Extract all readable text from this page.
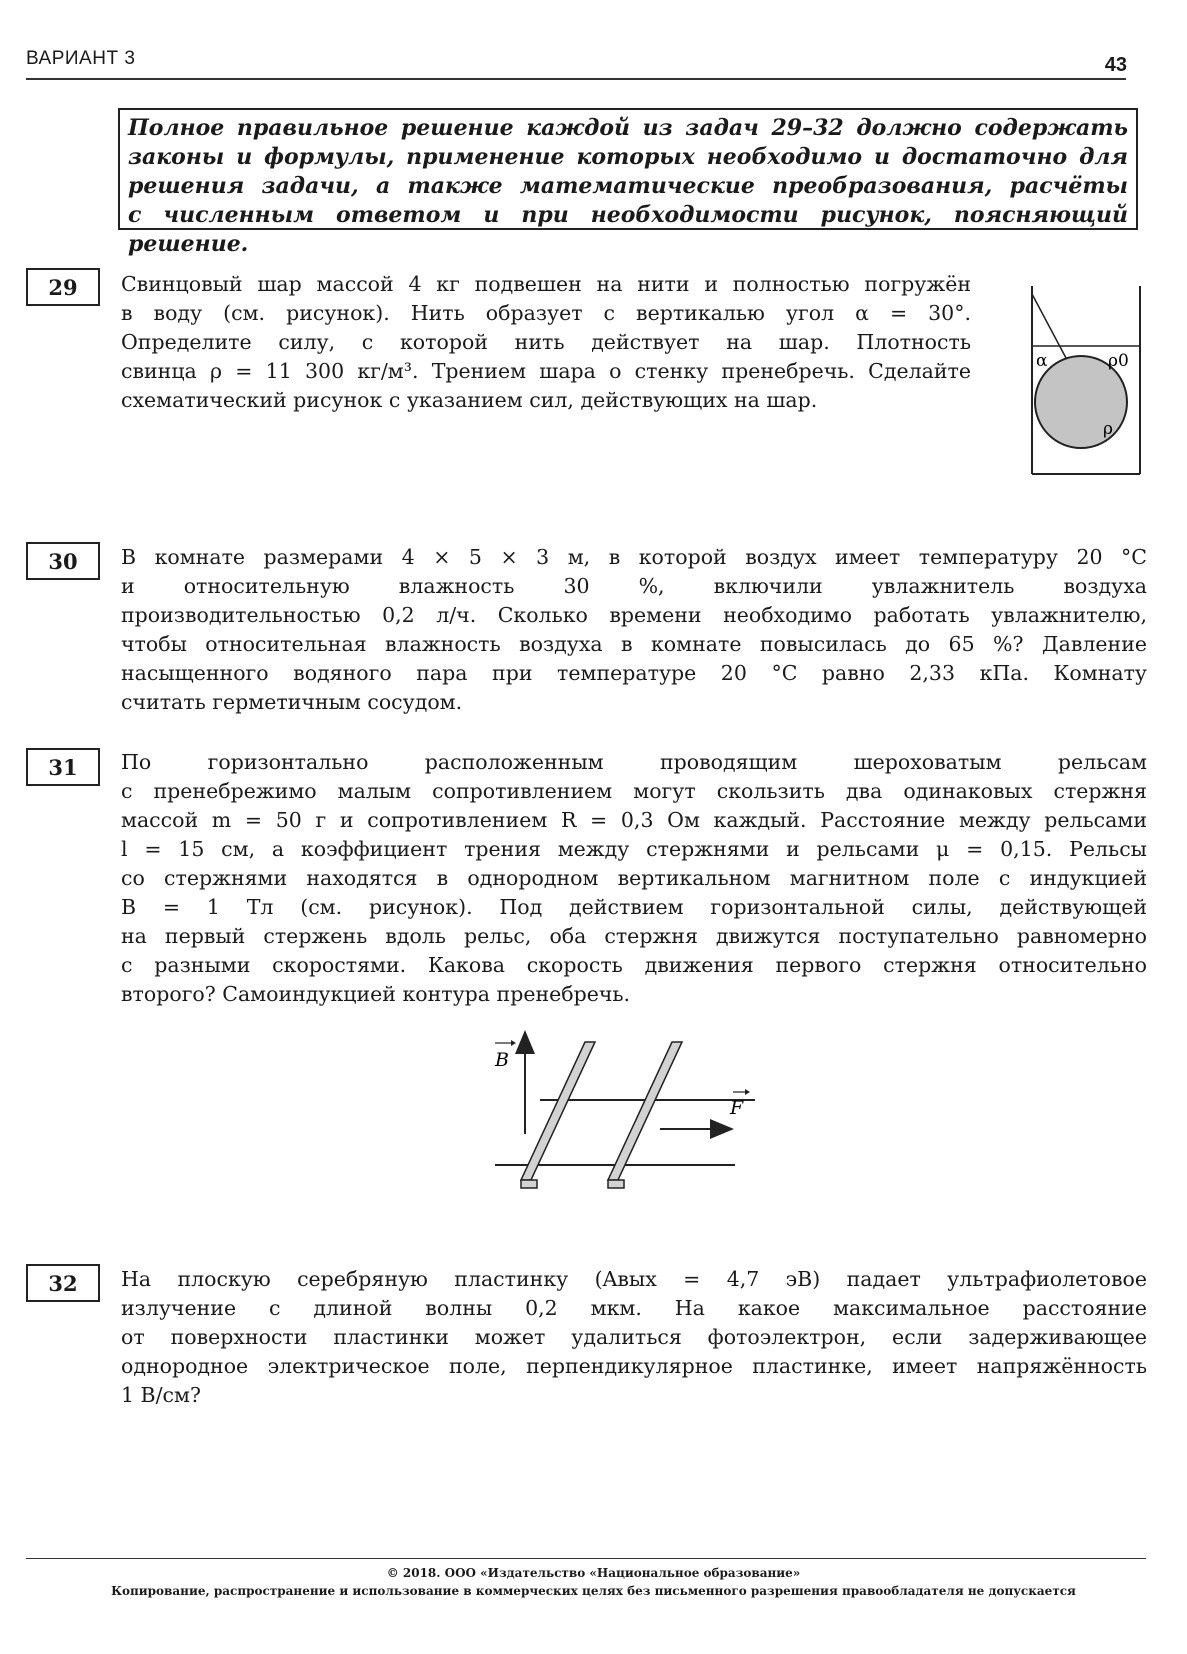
ВАРИАНТ 3	43
Полное правильное решение каждой из задач 29–32 должно содержать
законы и формулы, применение которых необходимо и достаточно для
решения задачи, а также математические преобразования, расчёты
с численным ответом и при необходимости рисунок, поясняющий решение.
29	Свинцовый шар массой 4 кг подвешен на нити и полностью погружён
в воду (см. рисунок). Нить образует с вертикалью угол α = 30°.
Определите силу, с которой нить действует на шар. Плотность
свинца ρ = 11 300 кг/м³. Трением шара о стенку пренебречь. Сделайте
схематический рисунок с указанием сил, действующих на шар.
α	ρ0
ρ
30	В комнате размерами 4 × 5 × 3 м, в которой воздух имеет температуру 20 °С
и относительную влажность 30 %, включили увлажнитель воздуха
производительностью 0,2 л/ч. Сколько времени необходимо работать увлажнителю,
чтобы относительная влажность воздуха в комнате повысилась до 65 %? Давление
насыщенного водяного пара при температуре 20 °С равно 2,33 кПа. Комнату
считать герметичным сосудом.
31	По горизонтально расположенным проводящим шероховатым рельсам
с пренебрежимо малым сопротивлением могут скользить два одинаковых стержня
массой m = 50 г и сопротивлением R = 0,3 Ом каждый. Расстояние между рельсами
l = 15 см, а коэффициент трения между стержнями и рельсами μ = 0,15. Рельсы
со стержнями находятся в однородном вертикальном магнитном поле с индукцией
B = 1 Тл (см. рисунок). Под действием горизонтальной силы, действующей
на первый стержень вдоль рельс, оба стержня движутся поступательно равномерно
с разными скоростями. Какова скорость движения первого стержня относительно
второго? Самоиндукцией контура пренебречь.
B
F
32	На плоскую серебряную пластинку (Aвых = 4,7 эВ) падает ультрафиолетовое
излучение с длиной волны 0,2 мкм. На какое максимальное расстояние
от поверхности пластинки может удалиться фотоэлектрон, если задерживающее
однородное электрическое поле, перпендикулярное пластинке, имеет напряжённость
1 В/см?
© 2018. ООО «Издательство «Национальное образование»
Копирование, распространение и использование в коммерческих целях без письменного разрешения правообладателя не допускается
